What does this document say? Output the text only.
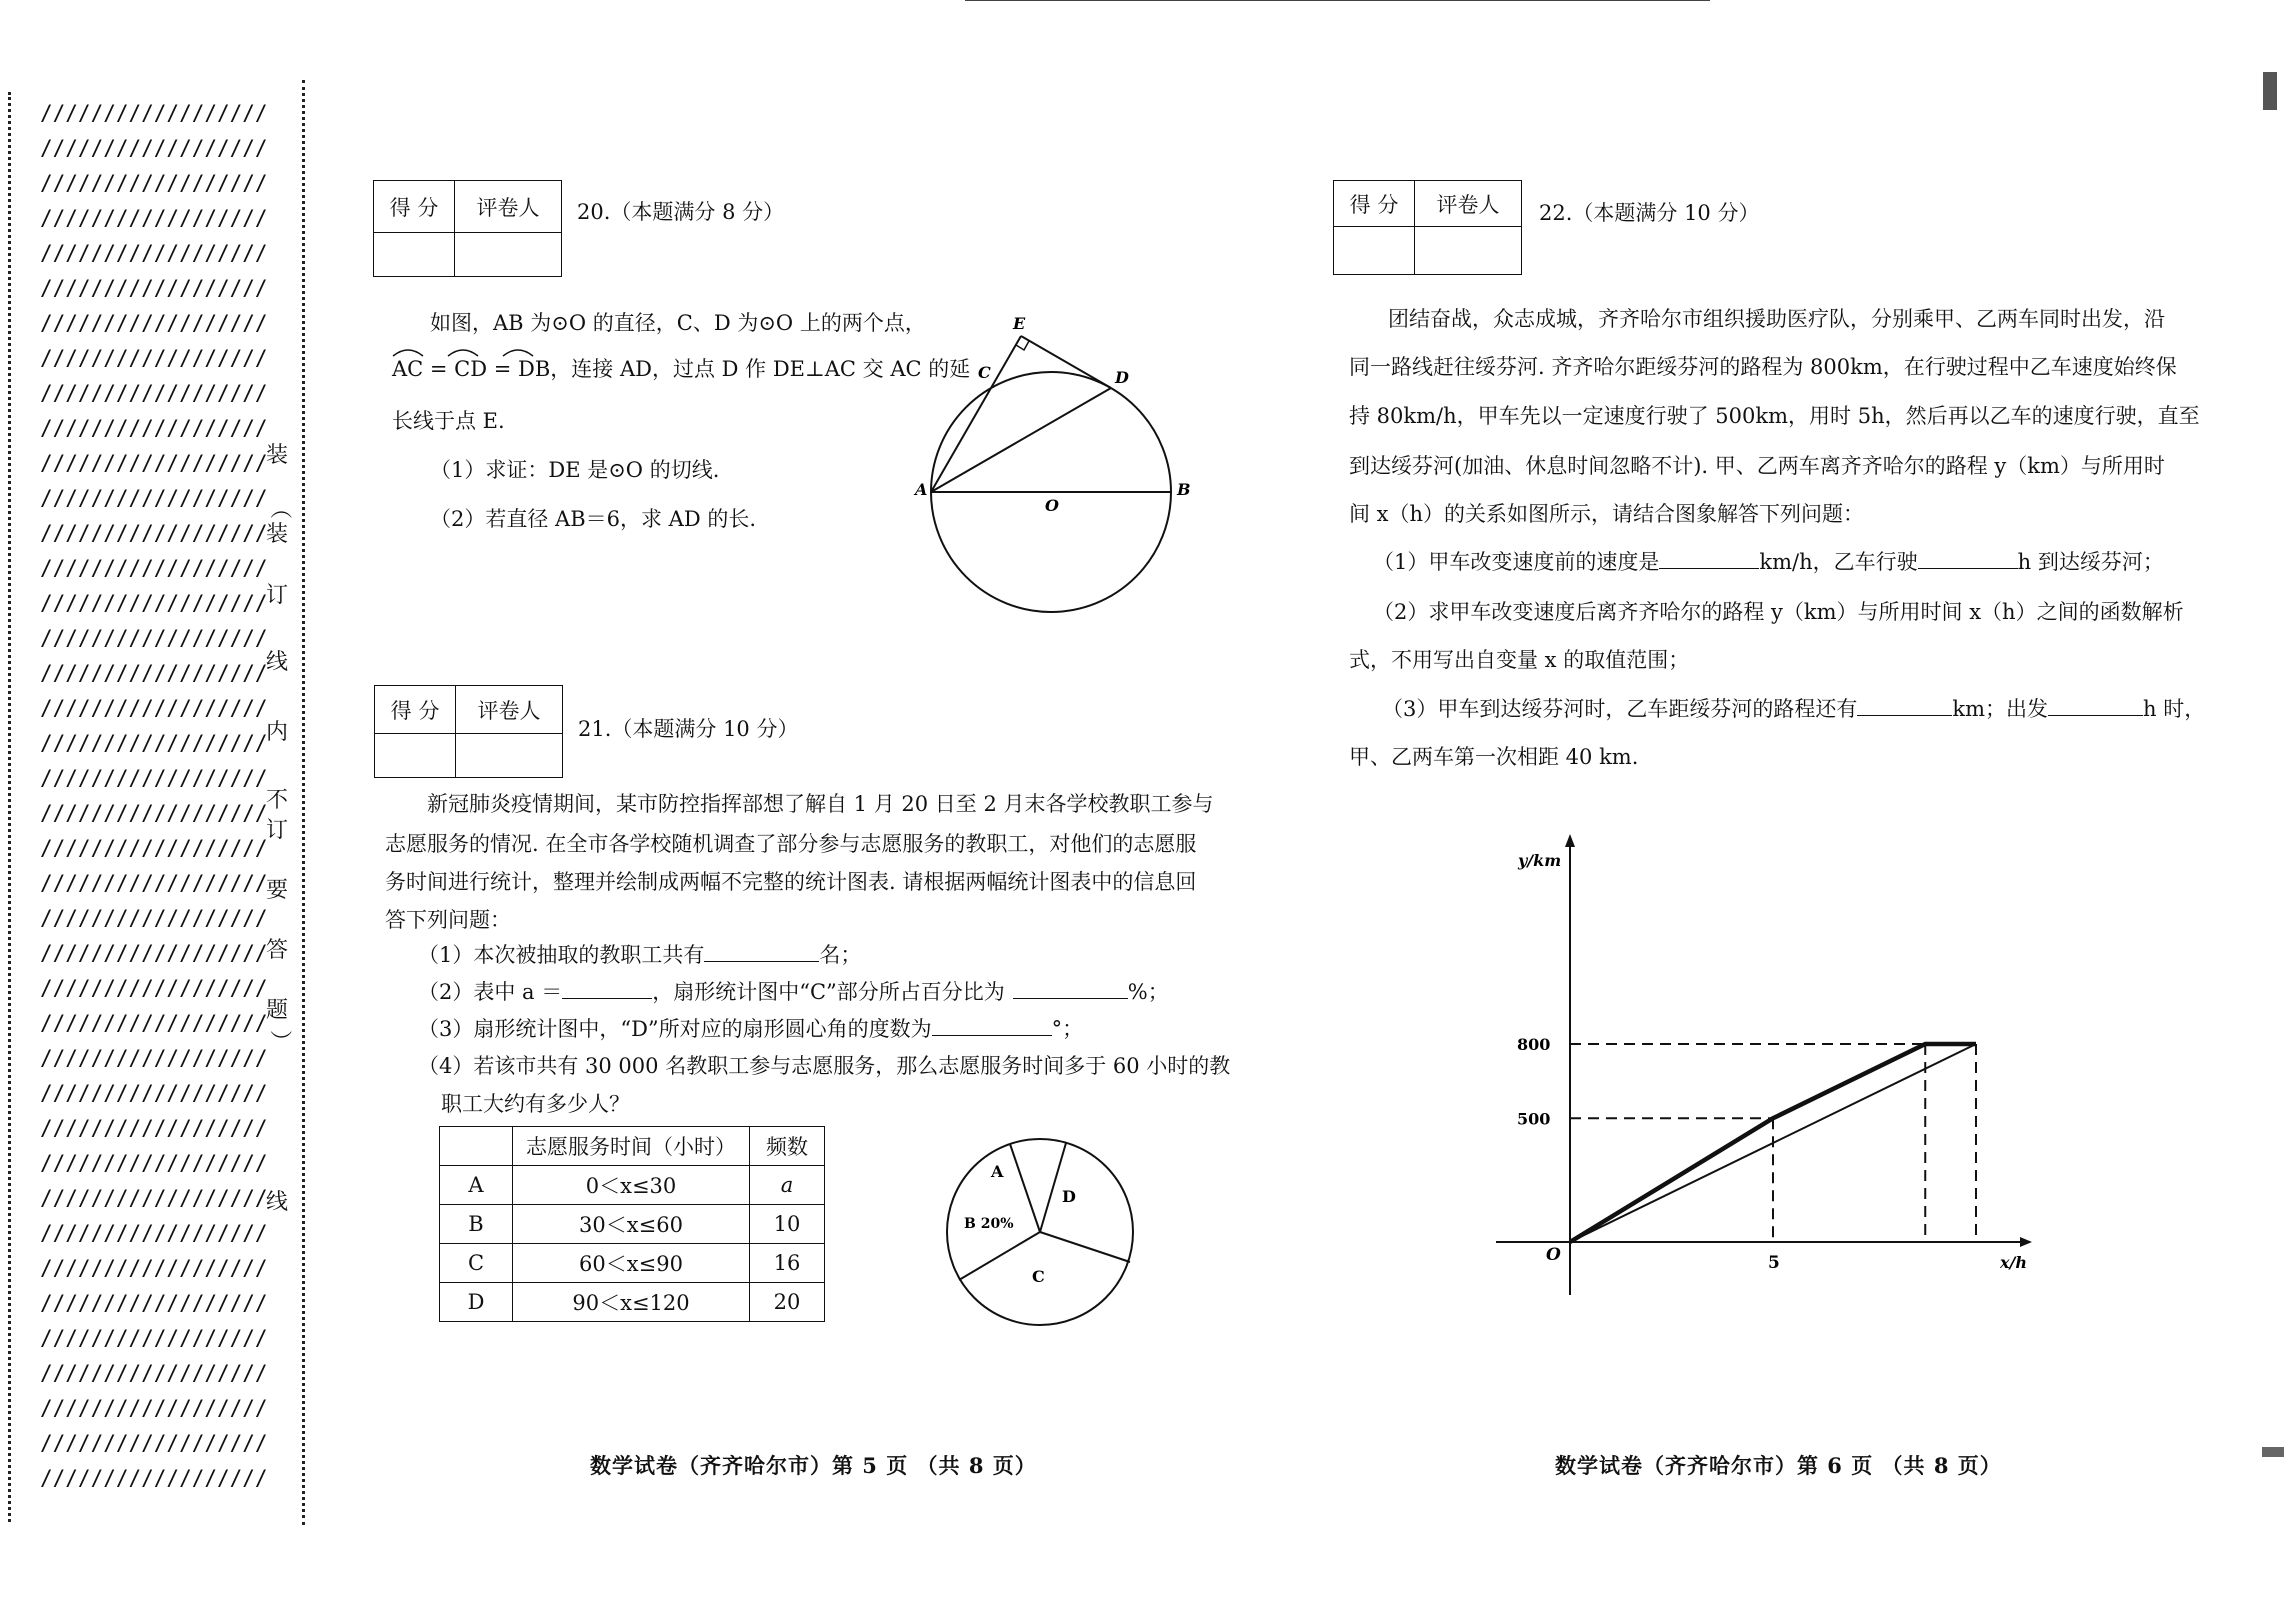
//////////////////
//////////////////
//////////////////
//////////////////
//////////////////
//////////////////
//////////////////
//////////////////
//////////////////
//////////////////
//////////////////
//////////////////
//////////////////
//////////////////
//////////////////
//////////////////
//////////////////
//////////////////
//////////////////
//////////////////
//////////////////
//////////////////
//////////////////
//////////////////
//////////////////
//////////////////
//////////////////
//////////////////
//////////////////
//////////////////
//////////////////
//////////////////
//////////////////
//////////////////
//////////////////
//////////////////
//////////////////
//////////////////
//////////////////
//////////////////
装
（
装
订
线
内
不
订
要
答
题
）
线
得 分	评卷人
	20.（本题满分 8 分）
如图，AB 为⊙O 的直径，C、D 为⊙O 上的两个点，
AC = CD = DB，连接 AD，过点 D 作 DE⊥AC 交 AC 的延
长线于点 E.
（1）求证：DE 是⊙O 的切线.
（2）若直径 AB＝6，求 AD 的长.
E
C	D
A	B
O
得 分	评卷人

21.（本题满分 10 分）
新冠肺炎疫情期间，某市防控指挥部想了解自 1 月 20 日至 2 月末各学校教职工参与
志愿服务的情况. 在全市各学校随机调查了部分参与志愿服务的教职工，对他们的志愿服
务时间进行统计，整理并绘制成两幅不完整的统计图表. 请根据两幅统计图表中的信息回
答下列问题：
（1）本次被抽取的教职工共有	名；
（2）表中 a ＝	，扇形统计图中“C”部分所占百分比为	%；
（3）扇形统计图中，“D”所对应的扇形圆心角的度数为	°；
（4）若该市共有 30 000 名教职工参与志愿服务，那么志愿服务时间多于 60 小时的教
职工大约有多少人？
	志愿服务时间（小时）	频数
A	0＜x≤30	a
B	30＜x≤60	10
C	60＜x≤90	16
D	90＜x≤120	20
A
B 20%
C
D
得 分	评卷人
	22.（本题满分 10 分）
团结奋战，众志成城，齐齐哈尔市组织援助医疗队，分别乘甲、乙两车同时出发，沿
同一路线赶往绥芬河. 齐齐哈尔距绥芬河的路程为 800km，在行驶过程中乙车速度始终保
持 80km/h，甲车先以一定速度行驶了 500km，用时 5h，然后再以乙车的速度行驶，直至
到达绥芬河(加油、休息时间忽略不计). 甲、乙两车离齐齐哈尔的路程 y（km）与所用时
间 x（h）的关系如图所示，请结合图象解答下列问题：
（1）甲车改变速度前的速度是	km/h，乙车行驶	h 到达绥芬河；
（2）求甲车改变速度后离齐齐哈尔的路程 y（km）与所用时间 x（h）之间的函数解析
式，不用写出自变量 x 的取值范围；
（3）甲车到达绥芬河时，乙车距绥芬河的路程还有	km；出发	h 时，
甲、乙两车第一次相距 40 km.
500
800
5
y/km
x/h
O
数学试卷（齐齐哈尔市）第 5 页 （共 8 页）	数学试卷（齐齐哈尔市）第 6 页 （共 8 页）
